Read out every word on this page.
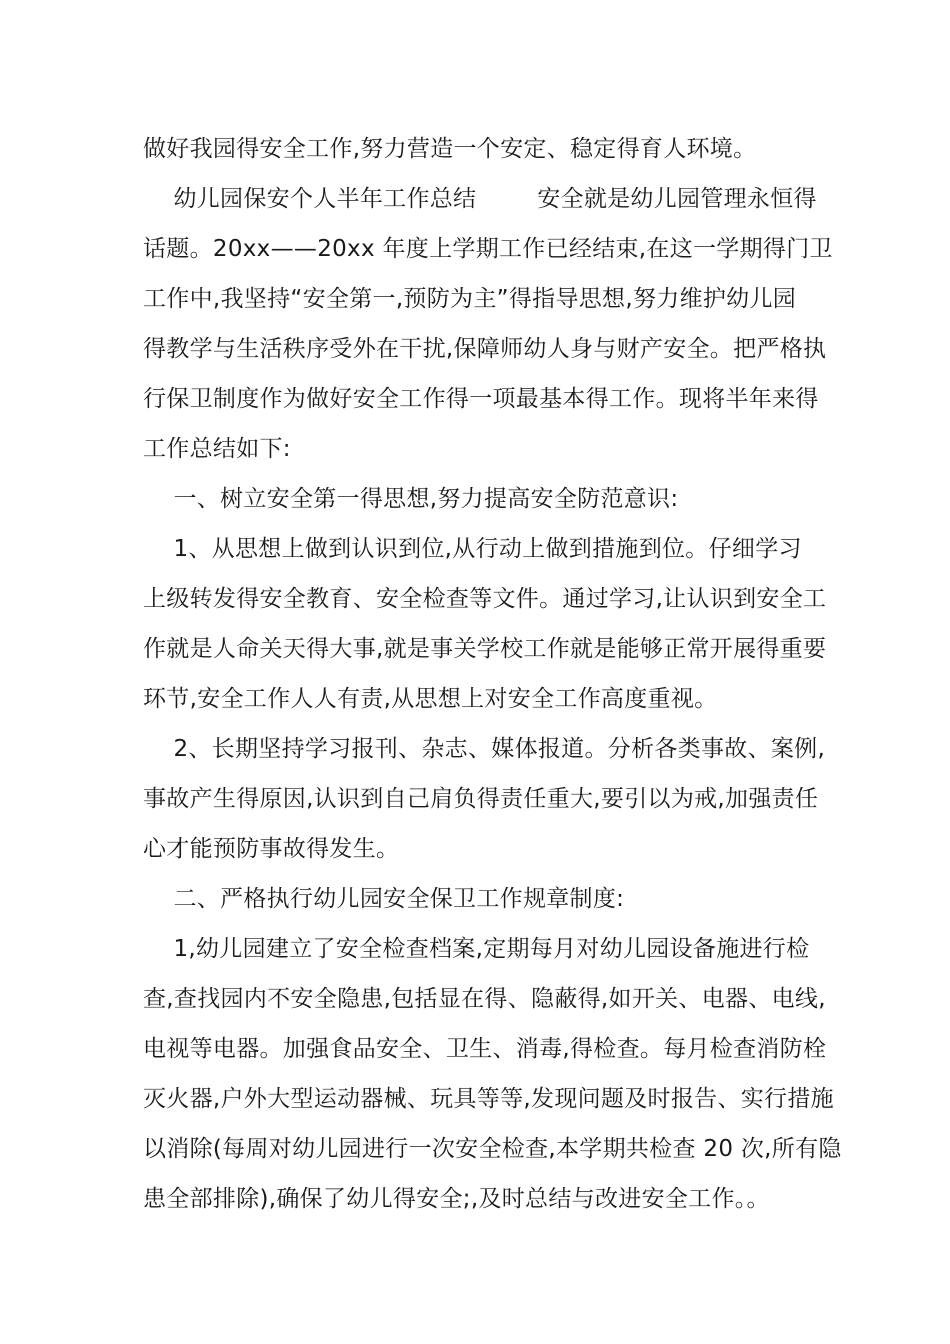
做好我园得安全工作,努力营造一个安定、稳定得育人环境。

幼儿园保安个人半年工作总结        安全就是幼儿园管理永恒得

话题。20xx——20xx 年度上学期工作已经结束,在这一学期得门卫

工作中,我坚持“安全第一,预防为主”得指导思想,努力维护幼儿园

得教学与生活秩序受外在干扰,保障师幼人身与财产安全。把严格执

行保卫制度作为做好安全工作得一项最基本得工作。现将半年来得

工作总结如下:

一、树立安全第一得思想,努力提高安全防范意识:

1、从思想上做到认识到位,从行动上做到措施到位。仔细学习

上级转发得安全教育、安全检查等文件。通过学习,让认识到安全工

作就是人命关天得大事,就是事关学校工作就是能够正常开展得重要

环节,安全工作人人有责,从思想上对安全工作高度重视。

2、长期坚持学习报刊、杂志、媒体报道。分析各类事故、案例,

事故产生得原因,认识到自己肩负得责任重大,要引以为戒,加强责任

心才能预防事故得发生。

二、严格执行幼儿园安全保卫工作规章制度:

1,幼儿园建立了安全检查档案,定期每月对幼儿园设备施进行检

查,查找园内不安全隐患,包括显在得、隐蔽得,如开关、电器、电线,

电视等电器。加强食品安全、卫生、消毒,得检查。每月检查消防栓

灭火器,户外大型运动器械、玩具等等,发现问题及时报告、实行措施

以消除(每周对幼儿园进行一次安全检查,本学期共检查 20 次,所有隐

患全部排除),确保了幼儿得安全;,及时总结与改进安全工作。。
